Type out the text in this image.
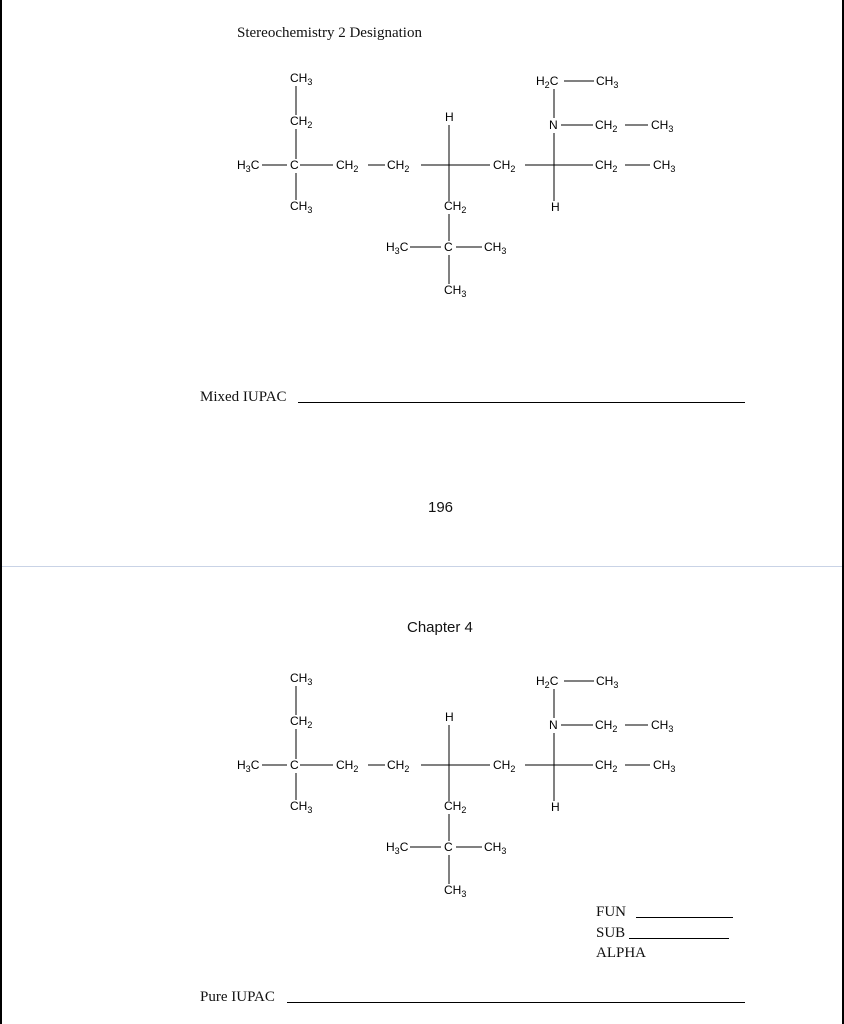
Stereochemistry 2 Designation
CH3
CH2
H3C	C
CH3
CH2 CH2
H
CH2
H3C	C	CH3
CH3
CH2
H2C	CH3
N	CH2	CH3
CH2	CH3
H
Mixed IUPAC
196
Chapter 4
CH3
CH2
H3C	C
CH3
CH2 CH2
H
CH2
H3C	C	CH3
CH3
CH2
H2C	CH3
N	CH2	CH3
CH2	CH3
H
FUN
SUB
ALPHA
Pure IUPAC
